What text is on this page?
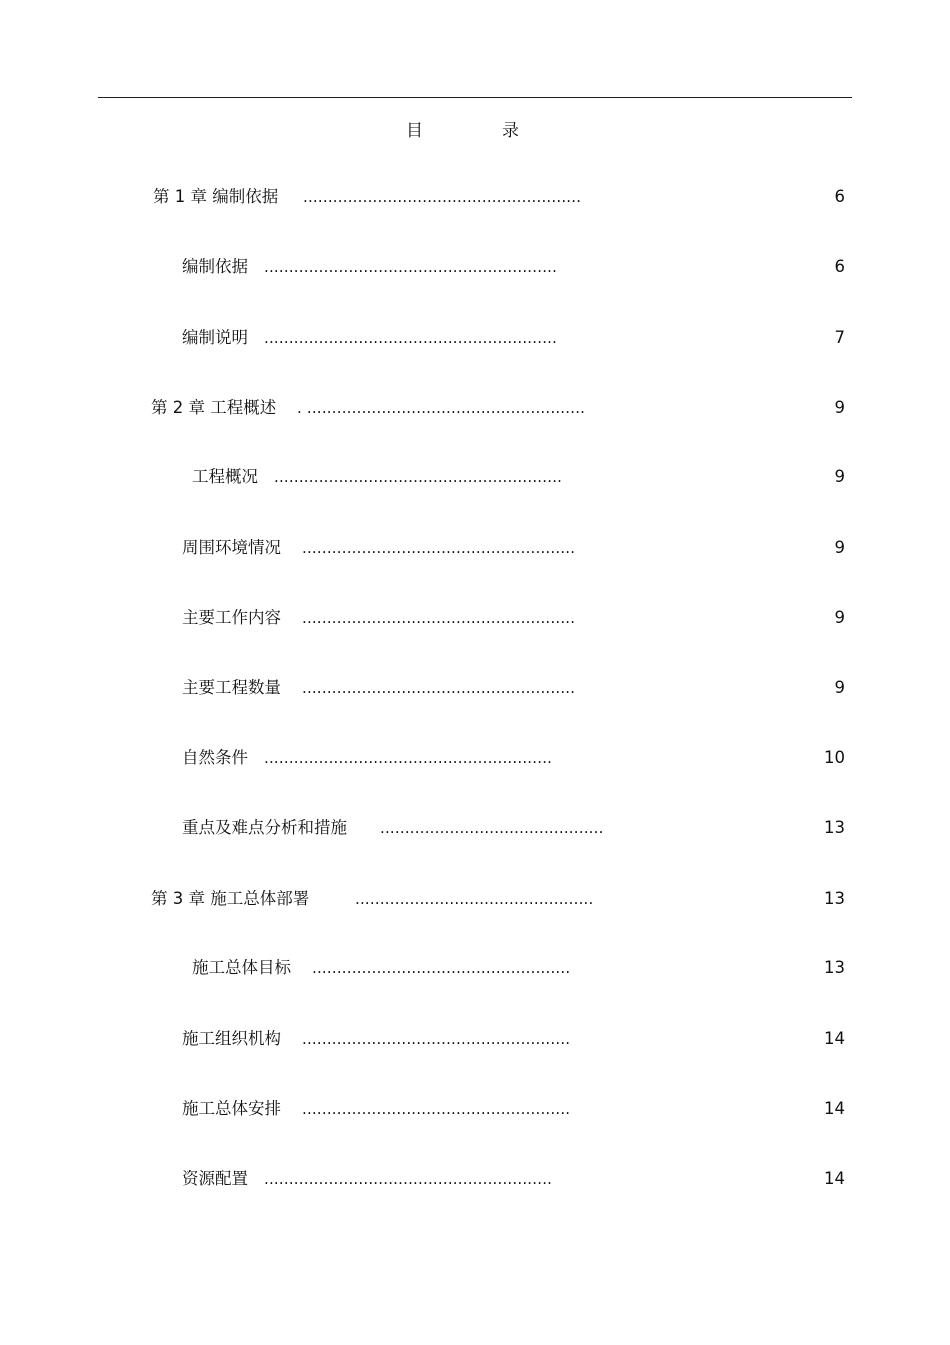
目	录
第 1 章 编制依据 ........................................................	6
编制依据 ...........................................................	6
编制说明 ...........................................................	7
第 2 章 工程概述 . ........................................................	9
工程概况 ..........................................................	9
周围环境情况 .......................................................	9
主要工作内容 .......................................................	9
主要工程数量 .......................................................	9
自然条件 ..........................................................	10
重点及难点分析和措施 .............................................	13
第 3 章 施工总体部署	................................................	13
施工总体目标 ....................................................	13
施工组织机构 ......................................................	14
施工总体安排 ......................................................	14
资源配置 ..........................................................	14
